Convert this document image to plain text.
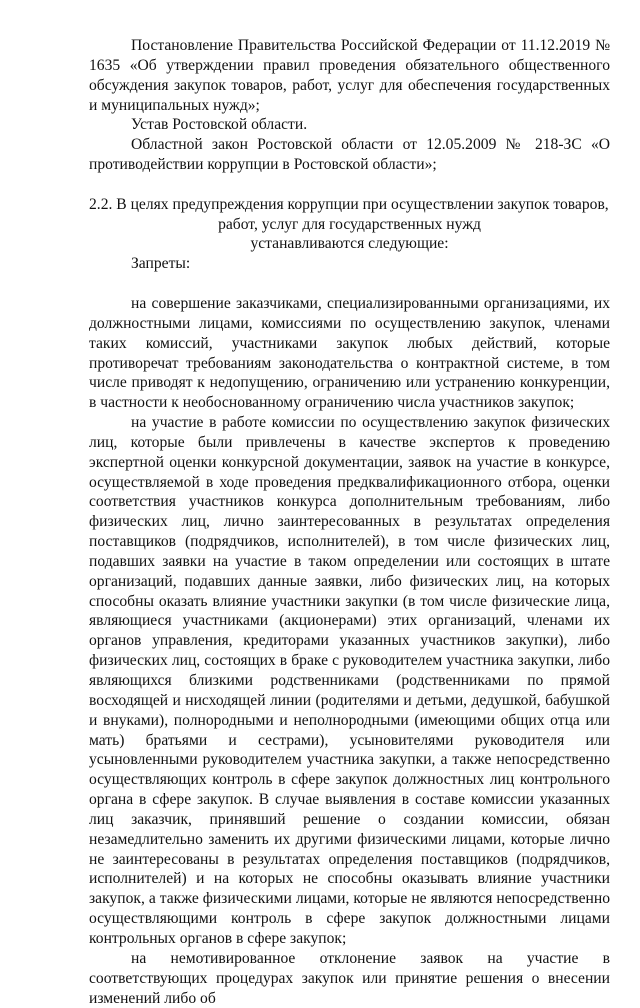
Постановление Правительства Российской Федерации от 11.12.2019 № 1635 «Об утверждении правил проведения обязательного общественного обсуждения закупок товаров, работ, услуг для обеспечения государственных и муниципальных нужд»;

Устав Ростовской области.

Областной закон Ростовской области от 12.05.2009 № 218-ЗС «О противодействии коррупции в Ростовской области»;

2.2. В целях предупреждения коррупции при осуществлении закупок товаров,
работ, услуг для государственных нужд
устанавливаются следующие:

Запреты:

на совершение заказчиками, специализированными организациями, их должностными лицами, комиссиями по осуществлению закупок, членами таких комиссий, участниками закупок любых действий, которые противоречат требованиям законодательства о контрактной системе, в том числе приводят к недопущению, ограничению или устранению конкуренции, в частности к необоснованному ограничению числа участников закупок;

на участие в работе комиссии по осуществлению закупок физических лиц, которые были привлечены в качестве экспертов к проведению экспертной оценки конкурсной документации, заявок на участие в конкурсе, осуществляемой в ходе проведения предквалификационного отбора, оценки соответствия участников конкурса дополнительным требованиям, либо физических лиц, лично заинтересованных в результатах определения поставщиков (подрядчиков, исполнителей), в том числе физических лиц, подавших заявки на участие в таком определении или состоящих в штате организаций, подавших данные заявки, либо физических лиц, на которых способны оказать влияние участники закупки (в том числе физические лица, являющиеся участниками (акционерами) этих организаций, членами их органов управления, кредиторами указанных участников закупки), либо физических лиц, состоящих в браке с руководителем участника закупки, либо являющихся близкими родственниками (родственниками по прямой восходящей и нисходящей линии (родителями и детьми, дедушкой, бабушкой и внуками), полнородными и неполнородными (имеющими общих отца или мать) братьями и сестрами), усыновителями руководителя или усыновленными руководителем участника закупки, а также непосредственно осуществляющих контроль в сфере закупок должностных лиц контрольного органа в сфере закупок. В случае выявления в составе комиссии указанных лиц заказчик, принявший решение о создании комиссии, обязан незамедлительно заменить их другими физическими лицами, которые лично не заинтересованы в результатах определения поставщиков (подрядчиков, исполнителей) и на которых не способны оказывать влияние участники закупок, а также физическими лицами, которые не являются непосредственно осуществляющими контроль в сфере закупок должностными лицами контрольных органов в сфере закупок;

на немотивированное отклонение заявок на участие в соответствующих процедурах закупок или принятие решения о внесении изменений либо об
